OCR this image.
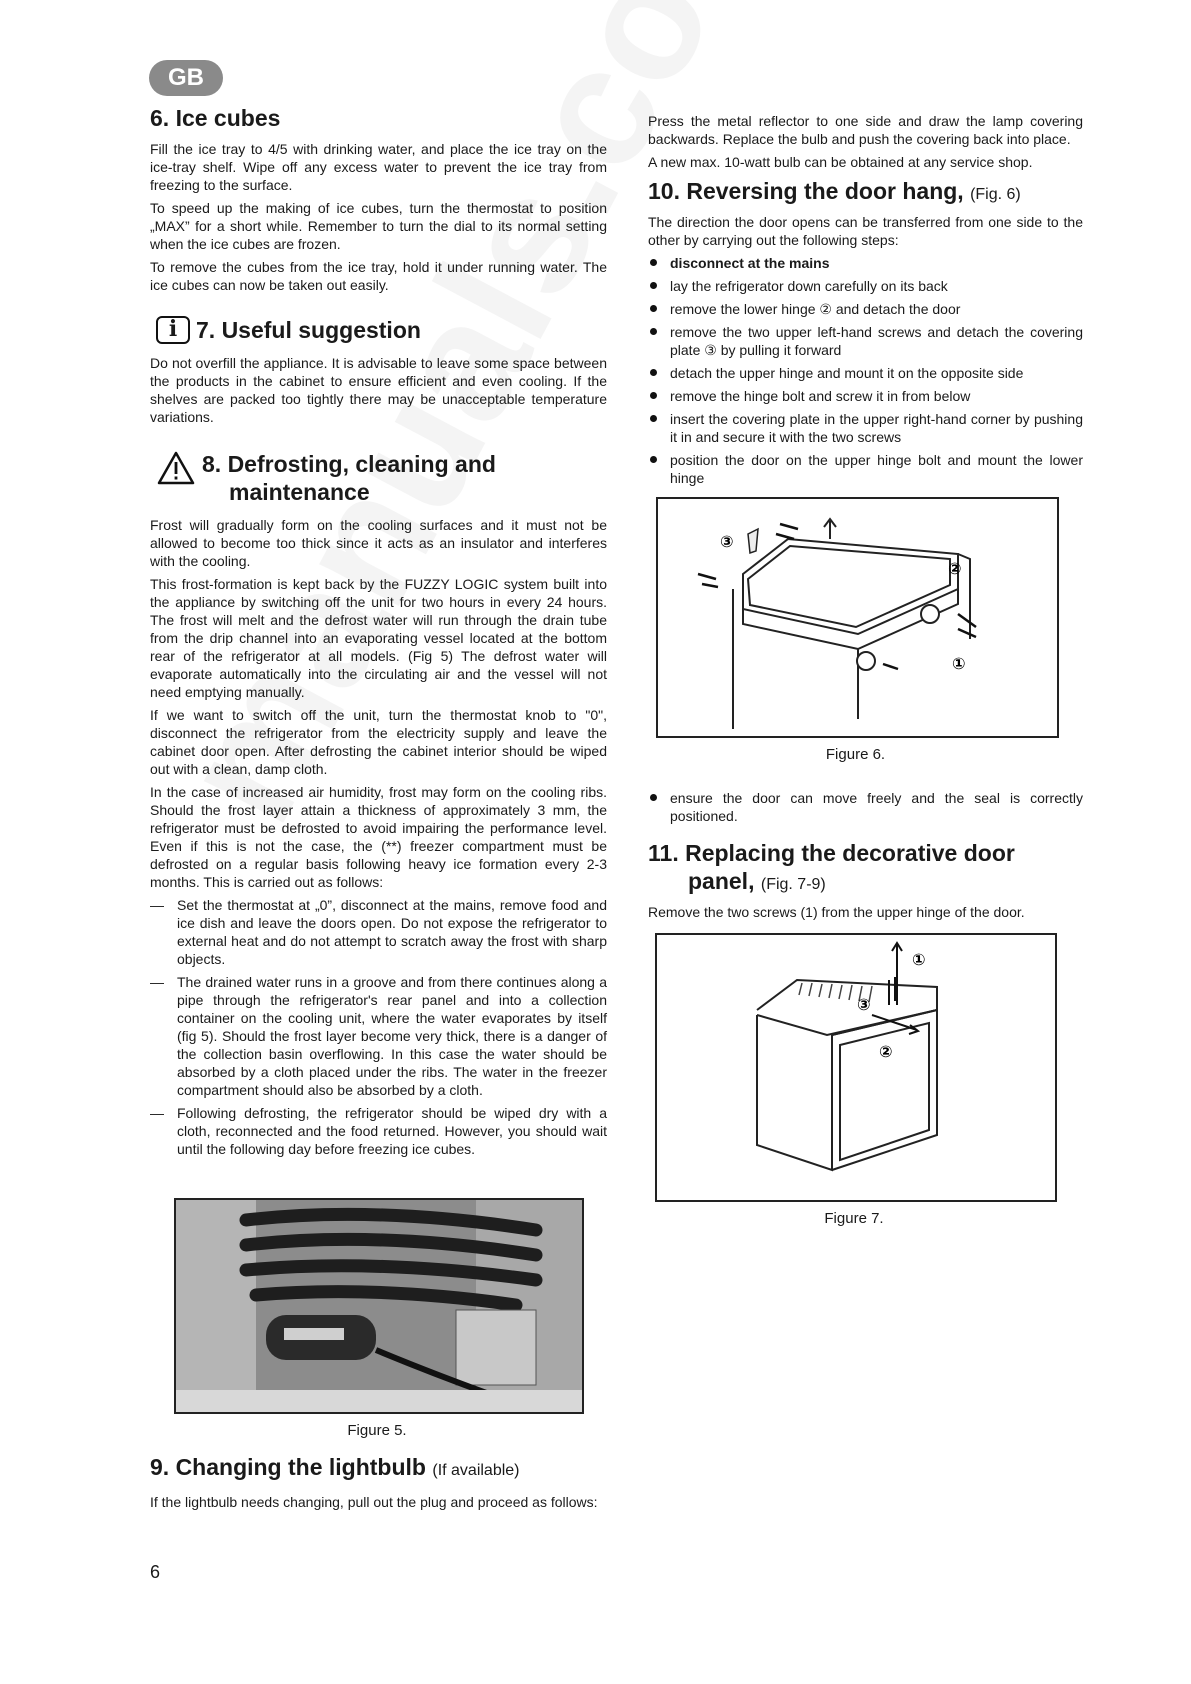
GB
6. Ice cubes

Fill the ice tray to 4/5 with drinking water, and place the ice tray on the ice-tray shelf. Wipe off any excess water to prevent the ice tray from freezing to the surface.

To speed up the making of ice cubes, turn the thermostat to position „MAX” for a short while. Remember to turn the dial to its normal setting when the ice cubes are frozen.

To remove the cubes from the ice tray, hold it under running water. The ice cubes can now be taken out easily.

i 7. Useful suggestion

Do not overfill the appliance. It is advisable to leave some space between the products in the cabinet to ensure efficient and even cooling. If the shelves are packed too tightly there may be unacceptable temperature variations.

8. Defrosting, cleaning and
maintenance

Frost will gradually form on the cooling surfaces and it must not be allowed to become too thick since it acts as an insulator and interferes with the cooling.

This frost-formation is kept back by the FUZZY LOGIC system built into the appliance by switching off the unit for two hours in every 24 hours. The frost will melt and the defrost water will run through the drain tube from the drip channel into an evaporating vessel located at the bottom rear of the refrigerator at all models. (Fig 5) The defrost water will evaporate automatically into the circulating air and the vessel will not need emptying manually.

If we want to switch off the unit, turn the thermostat knob to "0", disconnect the refrigerator from the electricity supply and leave the cabinet door open. After defrosting the cabinet interior should be wiped out with a clean, damp cloth.

In the case of increased air humidity, frost may form on the cooling ribs. Should the frost layer attain a thickness of approximately 3 mm, the refrigerator must be defrosted to avoid impairing the performance level. Even if this is not the case, the (**) freezer compartment must be defrosted on a regular basis following heavy ice formation every 2-3 months. This is carried out as follows:

— Set the thermostat at „0”, disconnect at the mains, remove food and ice dish and leave the doors open. Do not expose the refrigerator to external heat and do not attempt to scratch away the frost with sharp objects.
— The drained water runs in a groove and from there continues along a pipe through the refrigerator's rear panel and into a collection container on the cooling unit, where the water evaporates by itself (fig 5). Should the frost layer become very thick, there is a danger of the collection basin overflowing. In this case the water should be absorbed by a cloth placed under the ribs. The water in the freezer compartment should also be absorbed by a cloth.
— Following defrosting, the refrigerator should be wiped dry with a cloth, reconnected and the food returned. However, you should wait until the following day before freezing ice cubes.
Figure 5.
9. Changing the lightbulb (If available)

If the lightbulb needs changing, pull out the plug and proceed as follows:

Press the metal reflector to one side and draw the lamp covering backwards. Replace the bulb and push the covering back into place.

A new max. 10-watt bulb can be obtained at any service shop.

10. Reversing the door hang, (Fig. 6)

The direction the door opens can be transferred from one side to the other by carrying out the following steps:

disconnect at the mains
lay the refrigerator down carefully on its back
remove the lower hinge ② and detach the door
remove the two upper left-hand screws and detach the covering plate ③ by pulling it forward
detach the upper hinge and mount it on the opposite side
remove the hinge bolt and screw it in from below
insert the covering plate in the upper right-hand corner by pushing it in and secure it with the two screws
position the door on the upper hinge bolt and mount the lower hinge
③
②
①
Figure 6.
ensure the door can move freely and the seal is correctly positioned.
11. Replacing the decorative door
panel, (Fig. 7-9)

Remove the two screws (1) from the upper hinge of the door.

①
③
②
Figure 7.
6
